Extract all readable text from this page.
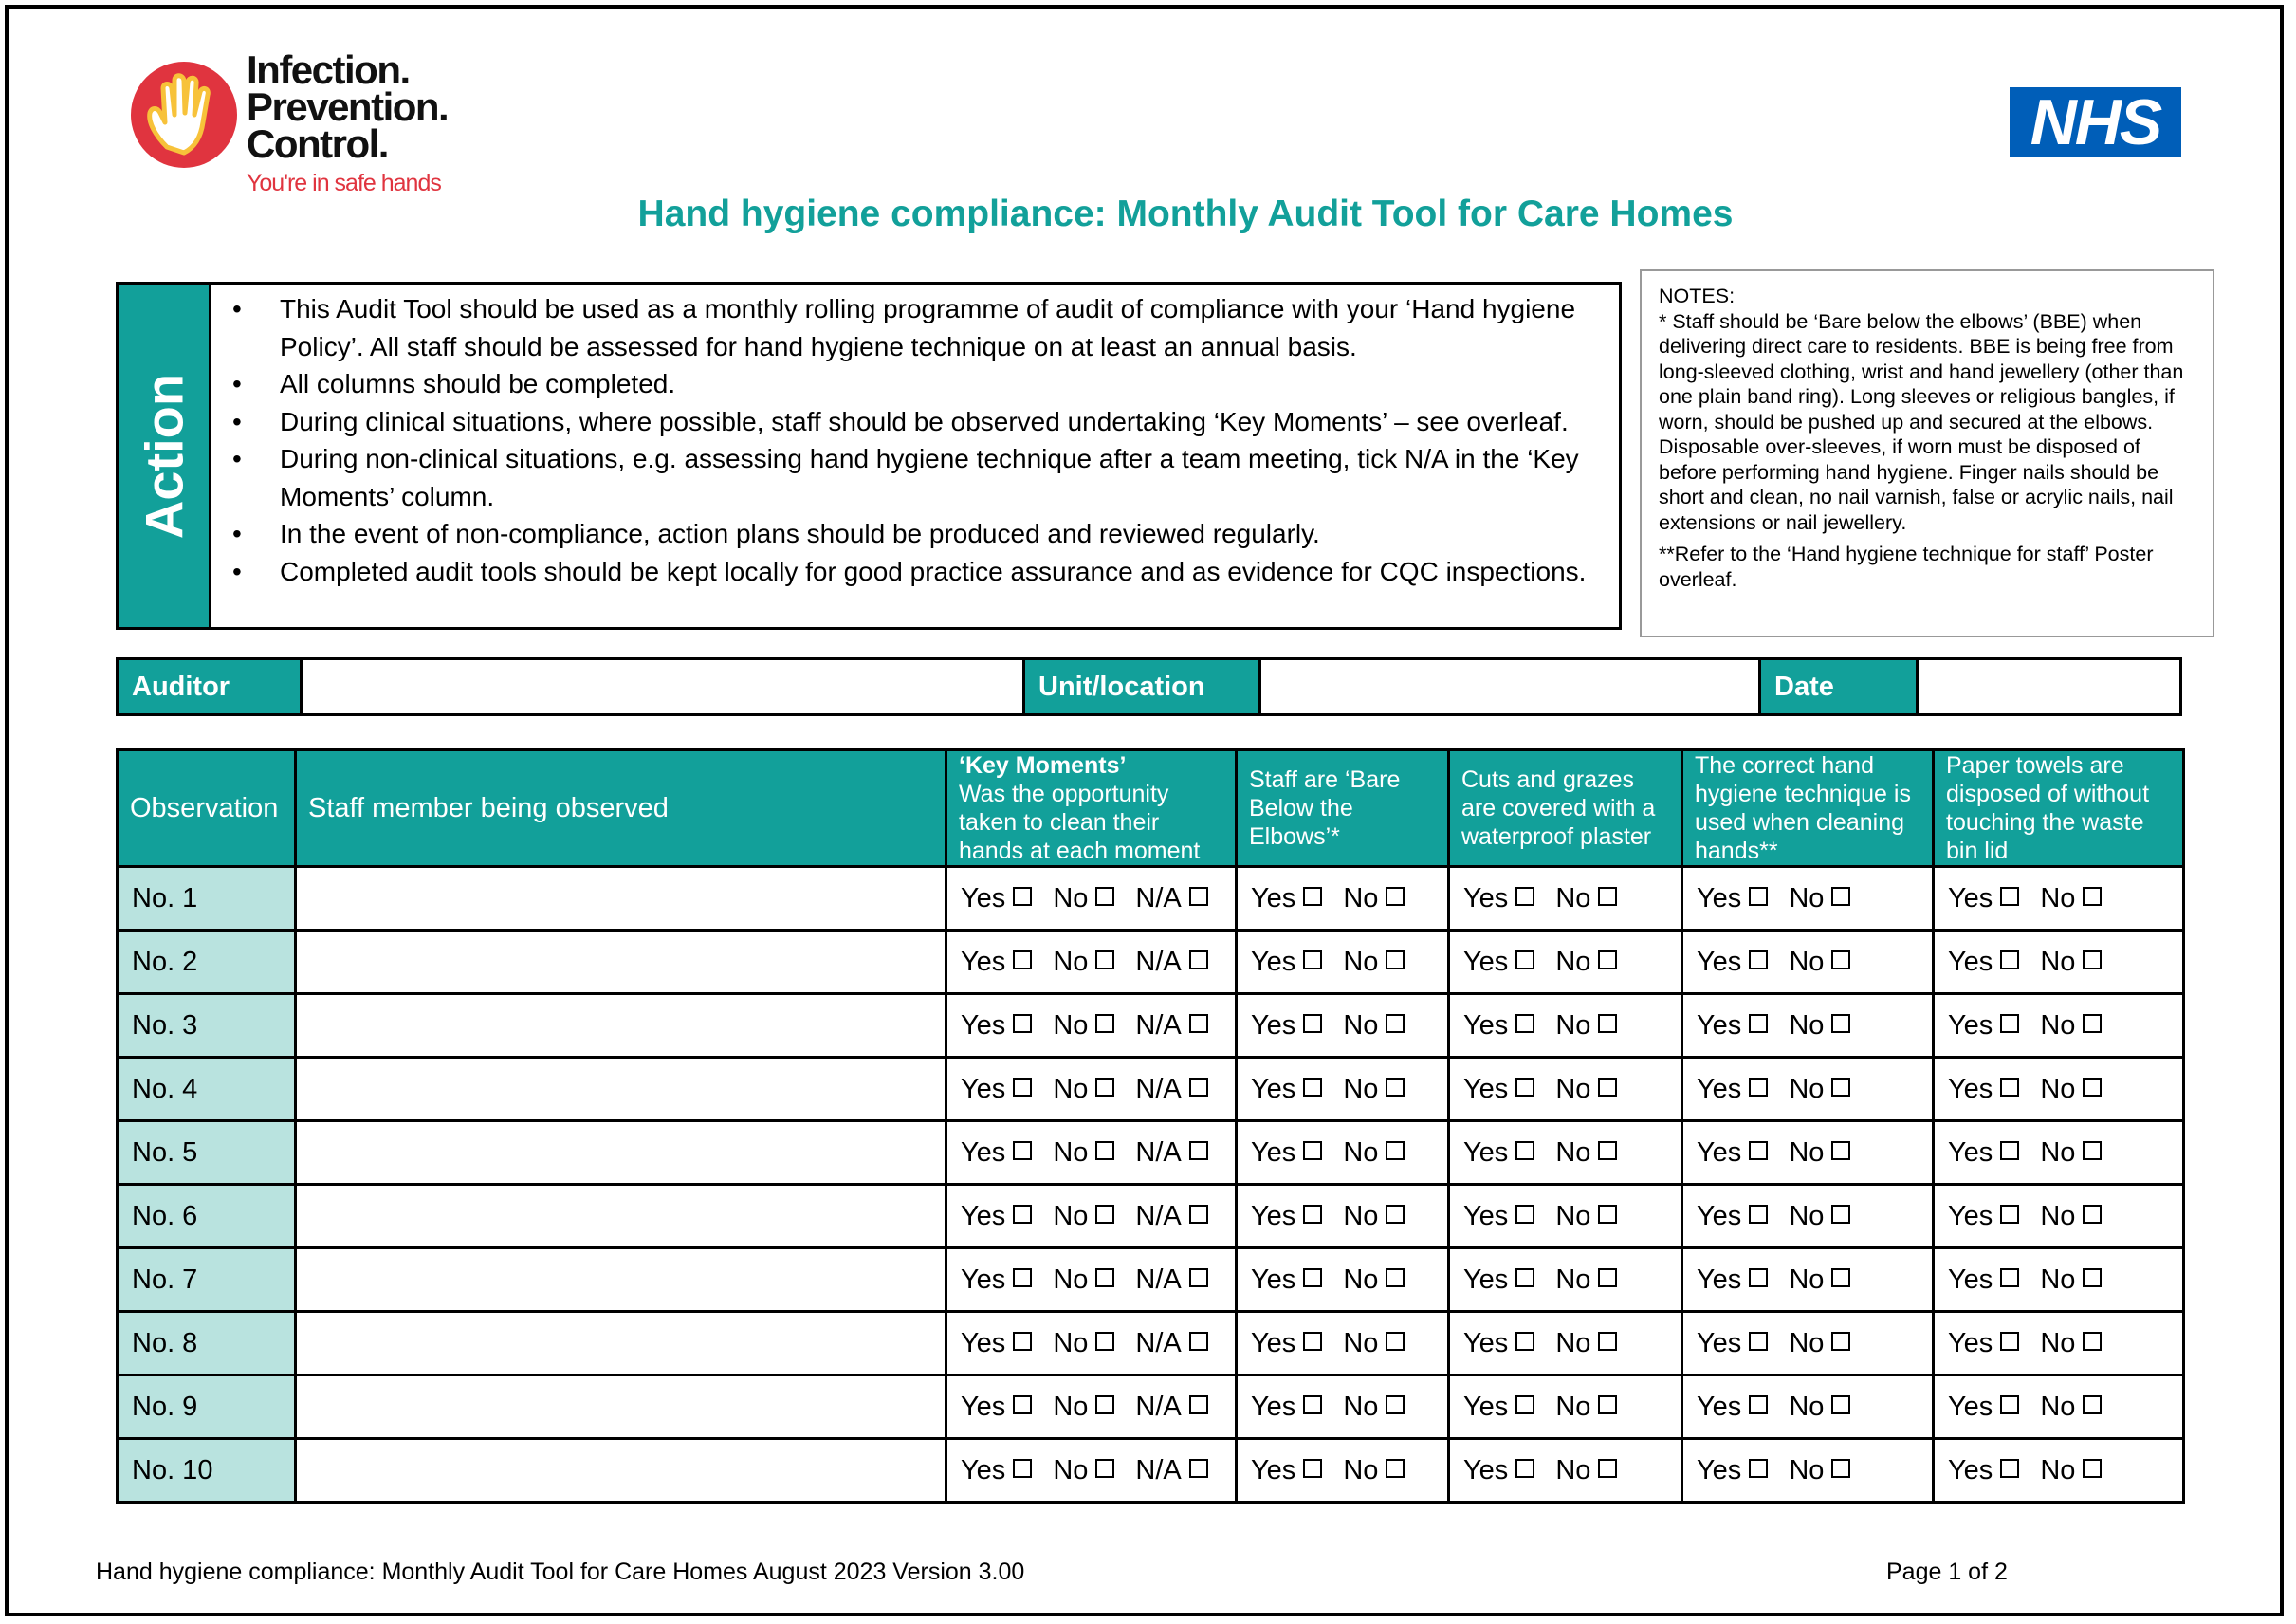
Infection.
Prevention.
Control.
You're in safe hands
NHS
Hand hygiene compliance: Monthly Audit Tool for Care Homes
Action
• This Audit Tool should be used as a monthly rolling programme of audit of compliance with your ‘Hand hygiene Policy’. All staff should be assessed for hand hygiene technique on at least an annual basis.
• All columns should be completed.
• During clinical situations, where possible, staff should be observed undertaking ‘Key Moments’ – see overleaf.
• During non-clinical situations, e.g. assessing hand hygiene technique after a team meeting, tick N/A in the ‘Key Moments’ column.
• In the event of non-compliance, action plans should be produced and reviewed regularly.
• Completed audit tools should be kept locally for good practice assurance and as evidence for CQC inspections.

NOTES:

* Staff should be ‘Bare below the elbows’ (BBE) when delivering direct care to residents. BBE is being free from long-sleeved clothing, wrist and hand jewellery (other than one plain band ring). Long sleeves or religious bangles, if worn, should be pushed up and secured at the elbows. Disposable over-sleeves, if worn must be disposed of before performing hand hygiene. Finger nails should be short and clean, no nail varnish, false or acrylic nails, nail extensions or nail jewellery.

**Refer to the ‘Hand hygiene technique for staff’ Poster overleaf.

Auditor	Unit/location	Date
Observation	Staff member being observed	‘Key Moments’
Was the opportunity taken to clean their hands at each moment	Staff are ‘Bare Below the Elbows’*	Cuts and grazes are covered with a waterproof plaster	The correct hand hygiene technique is used when cleaning hands**	Paper towels are disposed of without touching the waste bin lid
No. 1		Yes No N/A	Yes No	Yes No	Yes No	Yes No
No. 2		Yes No N/A	Yes No	Yes No	Yes No	Yes No
No. 3		Yes No N/A	Yes No	Yes No	Yes No	Yes No
No. 4		Yes No N/A	Yes No	Yes No	Yes No	Yes No
No. 5		Yes No N/A	Yes No	Yes No	Yes No	Yes No
No. 6		Yes No N/A	Yes No	Yes No	Yes No	Yes No
No. 7		Yes No N/A	Yes No	Yes No	Yes No	Yes No
No. 8		Yes No N/A	Yes No	Yes No	Yes No	Yes No
No. 9		Yes No N/A	Yes No	Yes No	Yes No	Yes No
No. 10		Yes No N/A	Yes No	Yes No	Yes No	Yes No
Hand hygiene compliance: Monthly Audit Tool for Care Homes August 2023 Version 3.00	Page 1 of 2
